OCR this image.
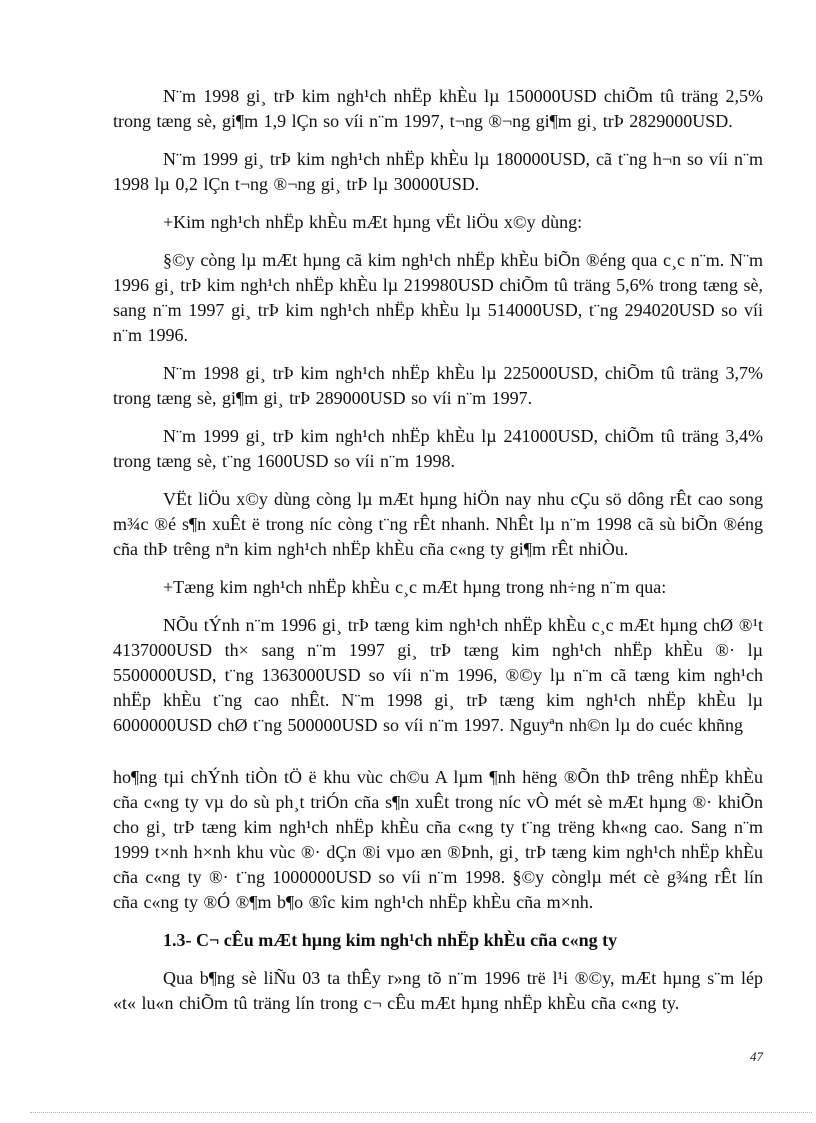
N¨m 1998 gi¸ trÞ kim ngh¹ch nhËp khÈu lµ 150000USD chiÕm tû träng 2,5% trong tæng sè, gi¶m 1,9 lÇn so víi n¨m 1997, t¬ng ®¬ng gi¶m gi¸ trÞ 2829000USD.

N¨m 1999 gi¸ trÞ kim ngh¹ch nhËp khÈu lµ 180000USD, cã t¨ng h¬n so víi n¨m 1998 lµ 0,2 lÇn t¬ng ®¬ng gi¸ trÞ lµ 30000USD.

+Kim ngh¹ch nhËp khÈu mÆt hµng vËt liÖu x©y dùng:

§©y còng lµ mÆt hµng cã kim ngh¹ch nhËp khÈu biÕn ®éng qua c¸c n¨m. N¨m 1996 gi¸ trÞ kim ngh¹ch nhËp khÈu lµ 219980USD chiÕm tû träng 5,6% trong tæng sè, sang n¨m 1997 gi¸ trÞ kim ngh¹ch nhËp khÈu lµ 514000USD, t¨ng 294020USD so víi n¨m 1996.

N¨m 1998 gi¸ trÞ kim ngh¹ch nhËp khÈu lµ 225000USD, chiÕm tû träng 3,7% trong tæng sè, gi¶m gi¸ trÞ 289000USD so víi n¨m 1997.

N¨m 1999 gi¸ trÞ kim ngh¹ch nhËp khÈu lµ 241000USD, chiÕm tû träng 3,4% trong tæng sè, t¨ng 1600USD so víi n¨m 1998.

VËt liÖu x©y dùng còng lµ mÆt hµng hiÖn nay nhu cÇu sö dông rÊt cao song m¾c ®é s¶n xuÊt ë trong níc còng t¨ng rÊt nhanh. NhÊt lµ n¨m 1998 cã sù biÕn ®éng cña thÞ trêng nªn kim ngh¹ch nhËp khÈu cña c«ng ty gi¶m rÊt nhiÒu.

+Tæng kim ngh¹ch nhËp khÈu c¸c mÆt hµng trong nh÷ng n¨m qua:

NÕu tÝnh n¨m 1996 gi¸ trÞ tæng kim ngh¹ch nhËp khÈu c¸c mÆt hµng chØ ®¹t 4137000USD th× sang n¨m 1997 gi¸ trÞ tæng kim ngh¹ch nhËp khÈu ®· lµ 5500000USD, t¨ng 1363000USD so víi n¨m 1996, ®©y lµ n¨m cã tæng kim ngh¹ch nhËp khÈu t¨ng cao nhÊt. N¨m 1998 gi¸ trÞ tæng kim ngh¹ch nhËp khÈu lµ 6000000USD chØ t¨ng 500000USD so víi n¨m 1997. Nguyªn nh©n lµ do cuéc khñng

ho¶ng tµi chÝnh tiÒn tÖ ë khu vùc ch©u A lµm ¶nh hëng ®Õn thÞ trêng nhËp khÈu cña c«ng ty vµ do sù ph¸t triÓn cña s¶n xuÊt trong níc vÒ mét sè mÆt hµng ®· khiÕn cho gi¸ trÞ tæng kim ngh¹ch nhËp khÈu cña c«ng ty t¨ng trëng kh«ng cao. Sang n¨m 1999 t×nh h×nh khu vùc ®· dÇn ®i vµo æn ®Þnh, gi¸ trÞ tæng kim ngh¹ch nhËp khÈu cña c«ng ty ®· t¨ng 1000000USD so víi n¨m 1998. §©y cònglµ mét cè g¾ng rÊt lín cña c«ng ty ®Ó ®¶m b¶o ®îc kim ngh¹ch nhËp khÈu cña m×nh.

1.3- C¬ cÊu mÆt hµng kim ngh¹ch nhËp khÈu cña c«ng ty

Qua b¶ng sè liÑu 03 ta thÊy r»ng tõ n¨m 1996 trë l¹i ®©y, mÆt hµng s¨m lép «t« lu«n chiÕm tû träng lín trong c¬ cÊu mÆt hµng nhËp khÈu cña c«ng ty.

47
